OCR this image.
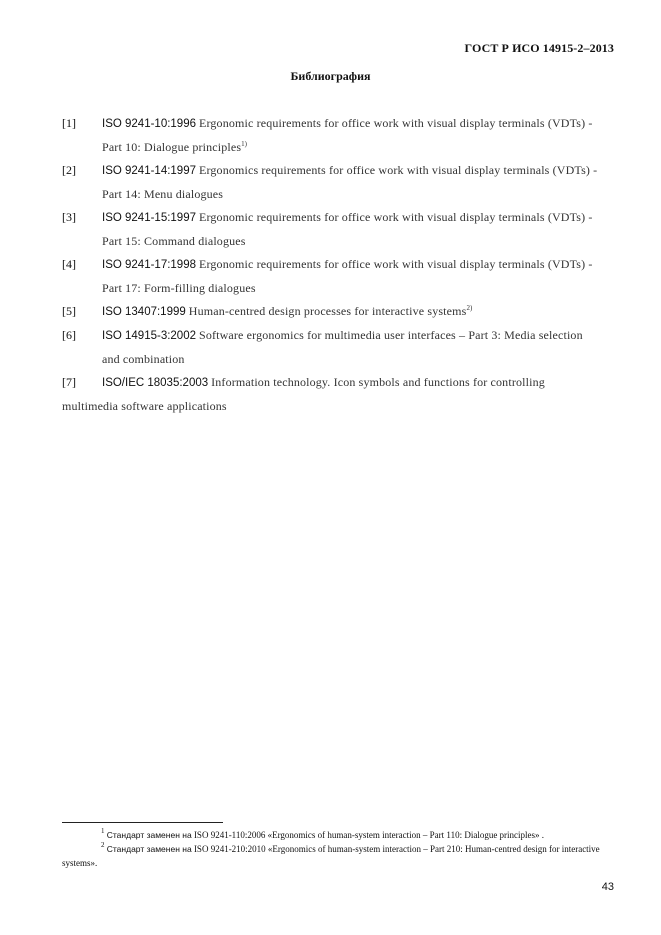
ГОСТ Р ИСО 14915-2–2013
Библиография
[1] ISO 9241-10:1996 Ergonomic requirements for office work with visual display terminals (VDTs) - Part 10: Dialogue principles$^{1)}$
[2] ISO 9241-14:1997 Ergonomics requirements for office work with visual display terminals (VDTs) - Part 14: Menu dialogues
[3] ISO 9241-15:1997 Ergonomic requirements for office work with visual display terminals (VDTs) - Part 15: Command dialogues
[4] ISO 9241-17:1998 Ergonomic requirements for office work with visual display terminals (VDTs) - Part 17: Form-filling dialogues
[5] ISO 13407:1999 Human-centred design processes for interactive systems$^{2)}$
[6] ISO 14915-3:2002 Software ergonomics for multimedia user interfaces – Part 3: Media selection and combination
[7] ISO/IEC 18035:2003 Information technology. Icon symbols and functions for controlling multimedia software applications
$^1$ Стандарт заменен на ISO 9241-110:2006 «Ergonomics of human-system interaction – Part 110: Dialogue principles» .
$^2$ Стандарт заменен на ISO 9241-210:2010 «Ergonomics of human-system interaction – Part 210: Human-centred design for interactive systems».
43
